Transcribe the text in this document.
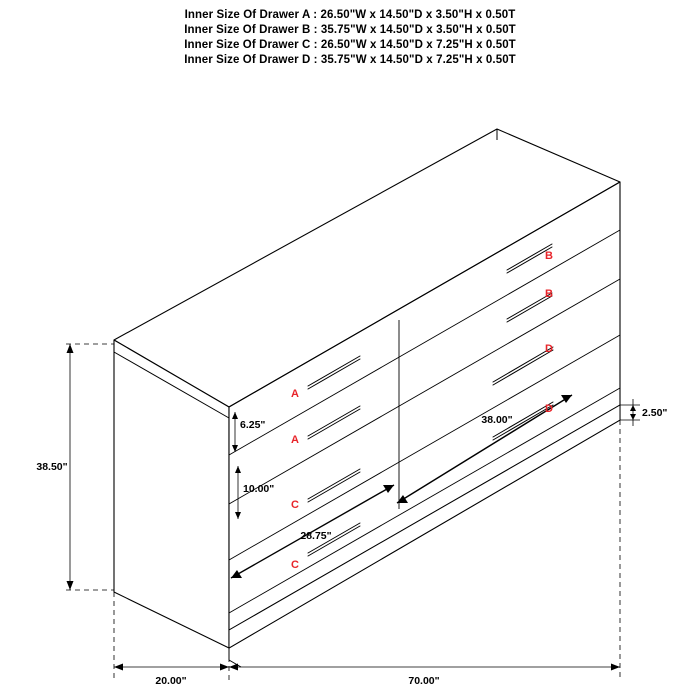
Inner Size Of Drawer A : 26.50"W x 14.50"D x 3.50"H x 0.50T
Inner Size Of Drawer B : 35.75"W x 14.50"D x 3.50"H x 0.50T
Inner Size Of Drawer C : 26.50"W x 14.50"D x 7.25"H x 0.50T
Inner Size Of Drawer D : 35.75"W x 14.50"D x 7.25"H x 0.50T
38.50"
20.00"	70.00"
2.50"
6.25"
10.00"
38.00"
28.75"
B
B
D
D
A
A
C
C
